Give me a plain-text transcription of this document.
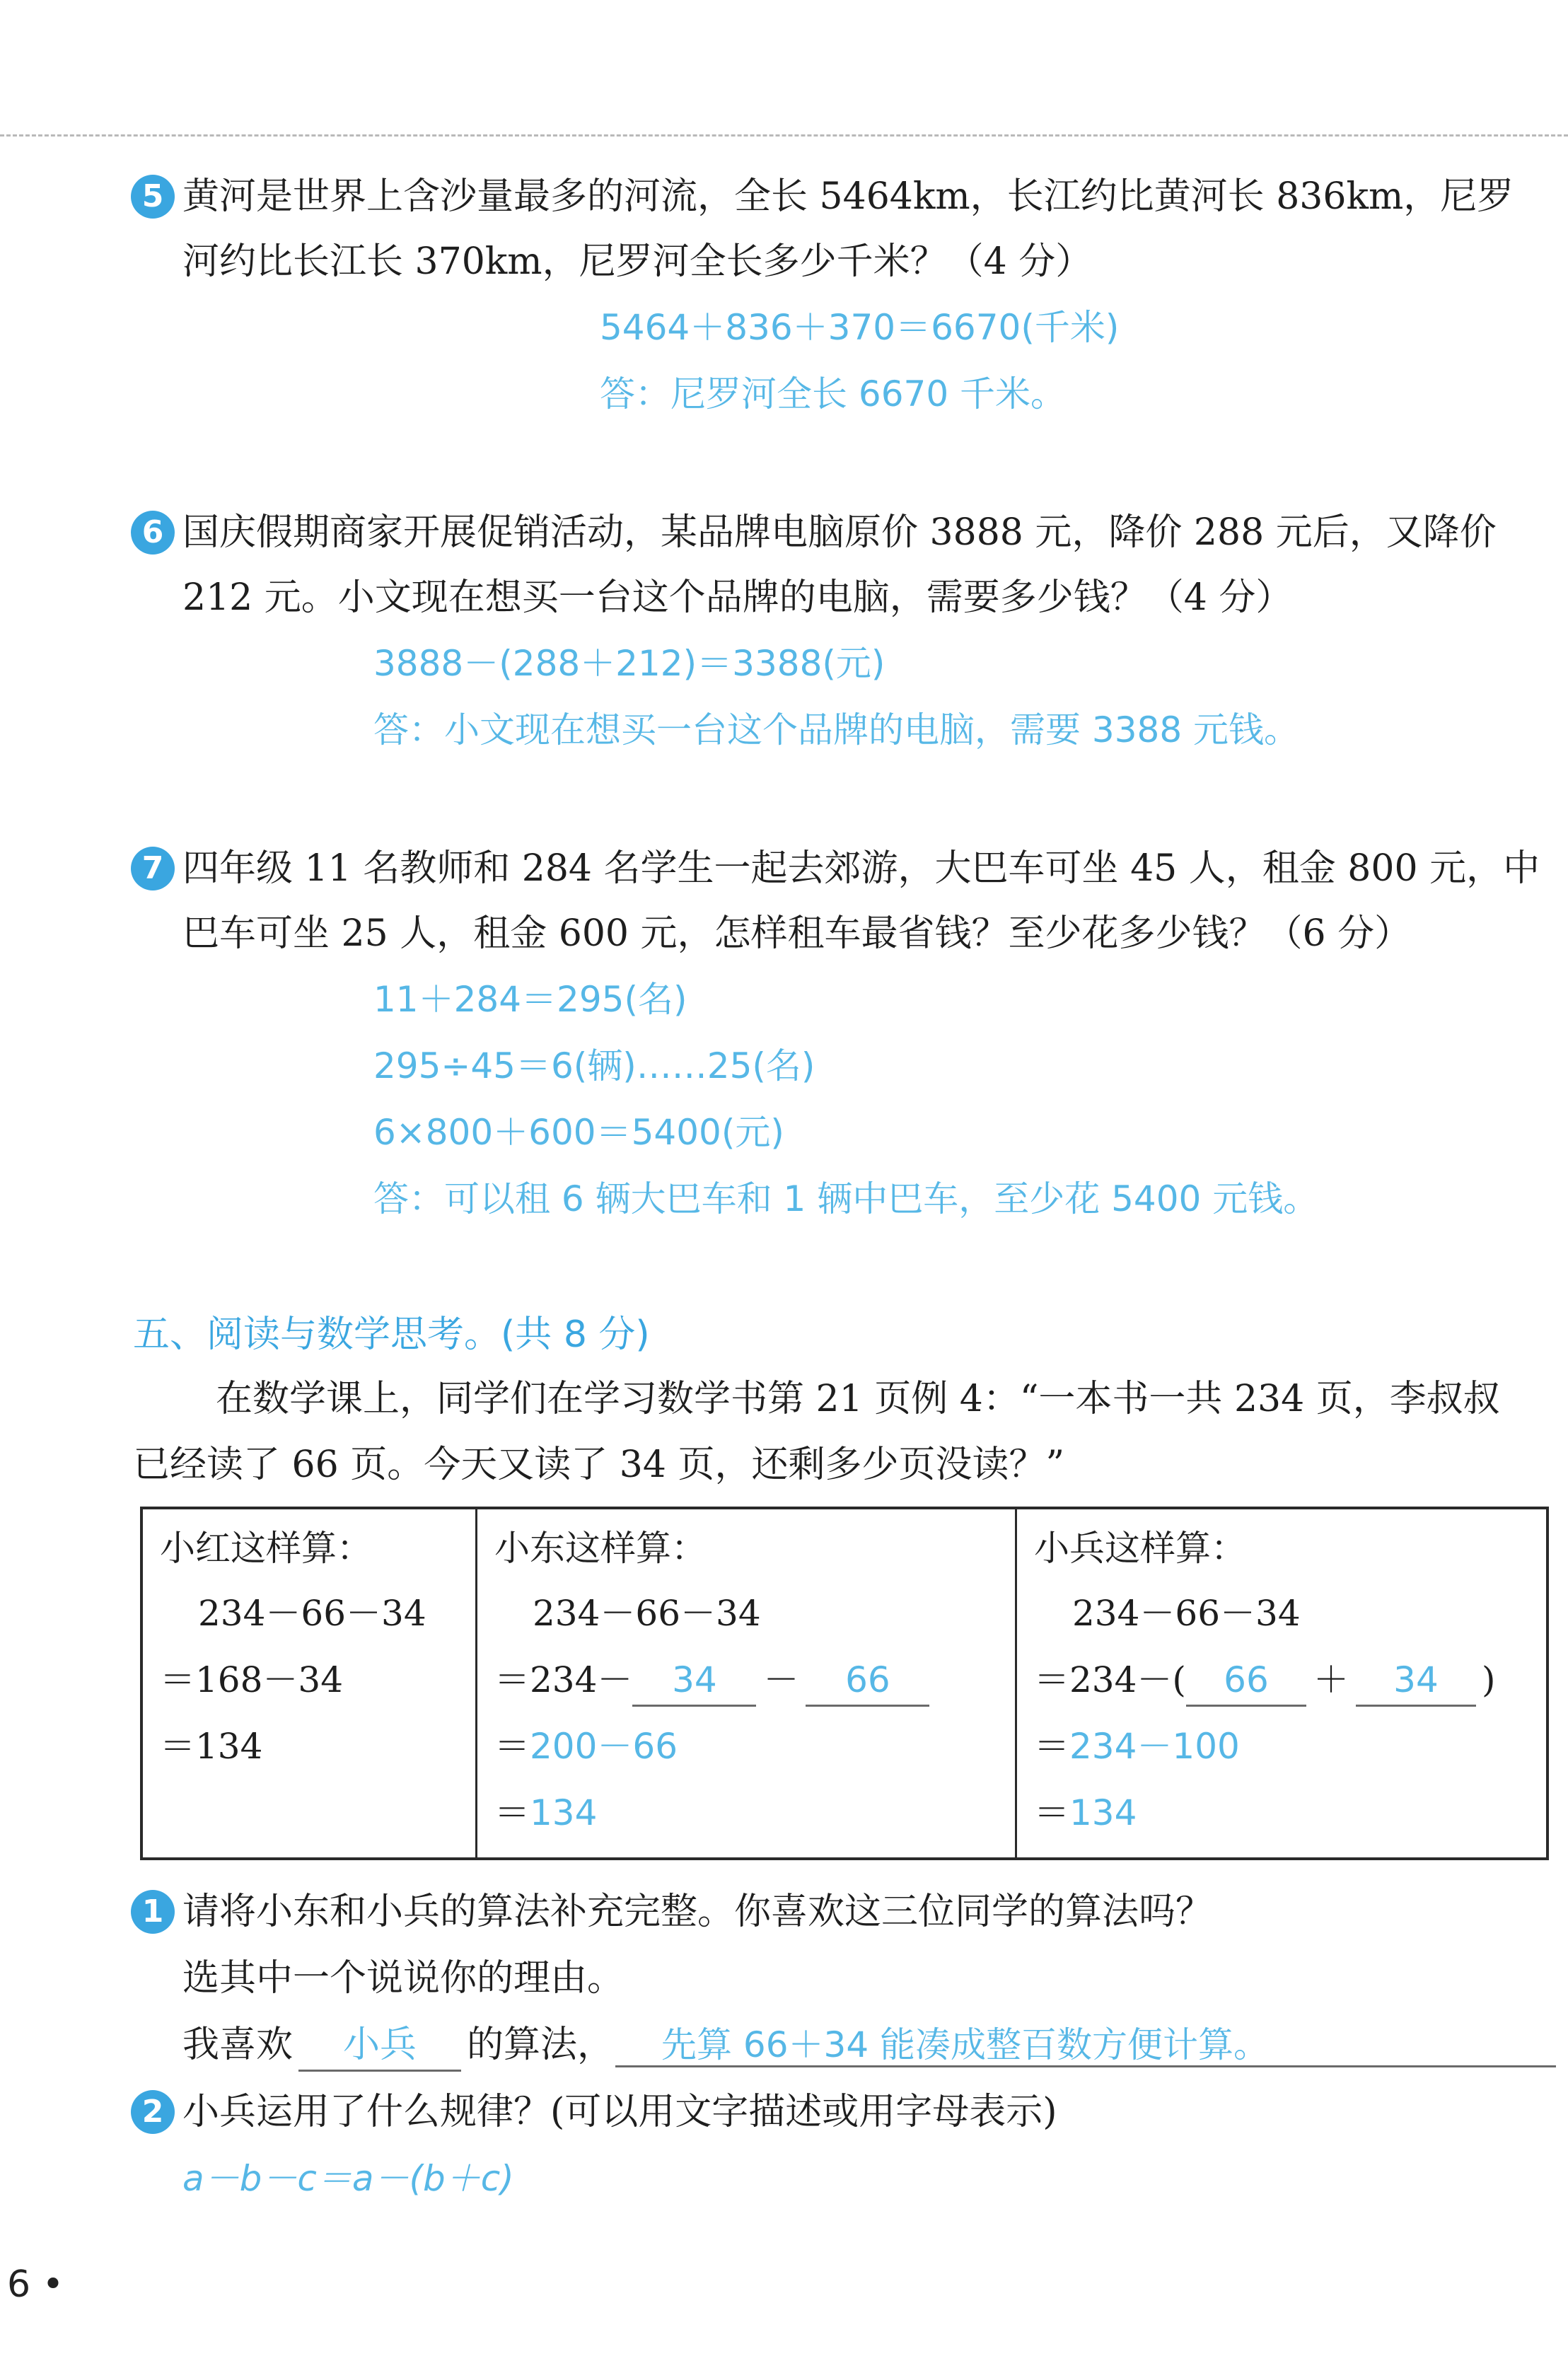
5 黄河是世界上含沙量最多的河流，全长 5464km，长江约比黄河长 836km，尼罗
河约比长江长 370km，尼罗河全长多少千米？（4 分）
5464＋836＋370＝6670(千米)
答：尼罗河全长 6670 千米。
6 国庆假期商家开展促销活动，某品牌电脑原价 3888 元，降价 288 元后，又降价
212 元。小文现在想买一台这个品牌的电脑，需要多少钱？（4 分）
3888－(288＋212)＝3388(元)
答：小文现在想买一台这个品牌的电脑，需要 3388 元钱。
7 四年级 11 名教师和 284 名学生一起去郊游，大巴车可坐 45 人，租金 800 元，中
巴车可坐 25 人，租金 600 元，怎样租车最省钱？至少花多少钱？（6 分）
11＋284＝295(名)
295÷45＝6(辆)……25(名)
6×800＋600＝5400(元)
答：可以租 6 辆大巴车和 1 辆中巴车，至少花 5400 元钱。
五、阅读与数学思考。(共 8 分)
在数学课上，同学们在学习数学书第 21 页例 4：“一本书一共 234 页，李叔叔
已经读了 66 页。今天又读了 34 页，还剩多少页没读？”
小红这样算：
234－66－34
＝168－34
＝134

小东这样算：
234－66－34
＝234－ 34 － 66
＝200－66
＝134

小兵这样算：
234－66－34
＝234－( 66 ＋ 34 )
＝234－100
＝134
1 请将小东和小兵的算法补充完整。你喜欢这三位同学的算法吗？
选其中一个说说你的理由。
我喜欢 小兵 的算法， 先算 66＋34 能凑成整百数方便计算。
2 小兵运用了什么规律？(可以用文字描述或用字母表示)
a－b－c＝a－(b＋c)
6 •
